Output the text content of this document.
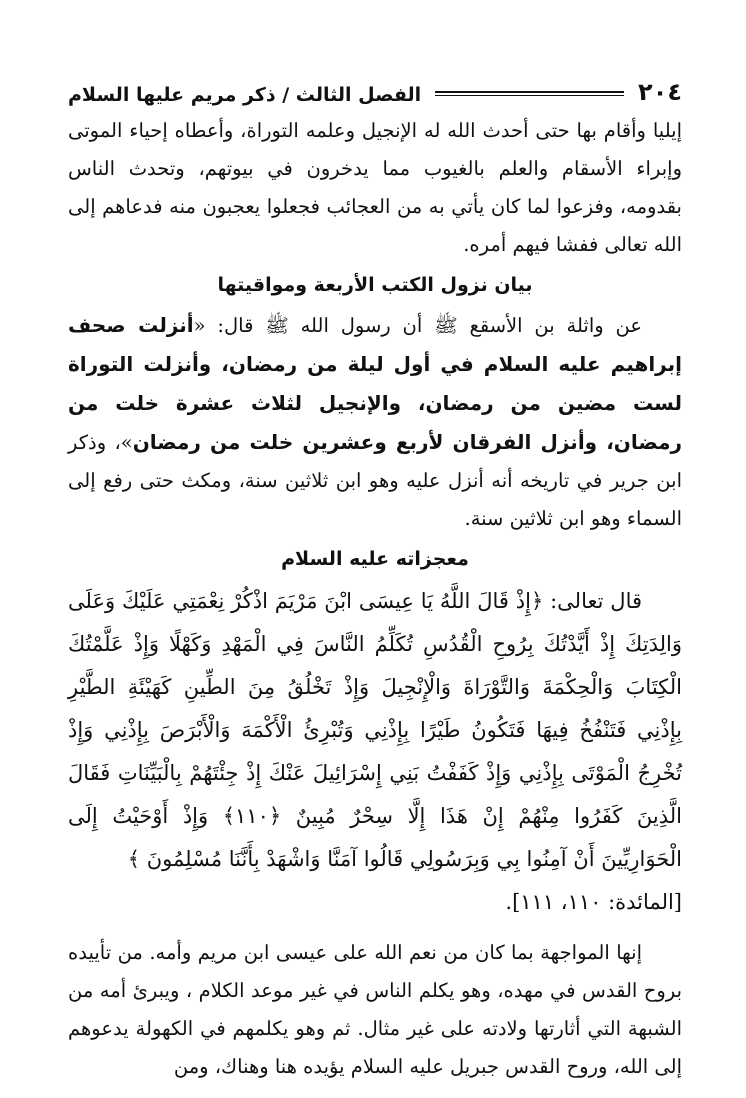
٢٠٤
الفصل الثالث / ذكر مريم عليها السلام

إيليا وأقام بها حتى أحدث الله له الإنجيل وعلمه التوراة، وأعطاه إحياء الموتى وإبراء الأسقام والعلم بالغيوب مما يدخرون في بيوتهم، وتحدث الناس بقدومه، وفزعوا لما كان يأتي به من العجائب فجعلوا يعجبون منه فدعاهم إلى الله تعالى ففشا فيهم أمره.

بيان نزول الكتب الأربعة ومواقيتها

عن واثلة بن الأسقع ﷺ أن رسول الله ﷺ قال: «أنزلت صحف إبراهيم عليه السلام في أول ليلة من رمضان، وأنزلت التوراة لست مضين من رمضان، والإنجيل لثلاث عشرة خلت من رمضان، وأنزل الفرقان لأربع وعشرين خلت من رمضان»، وذكر ابن جرير في تاريخه أنه أنزل عليه وهو ابن ثلاثين سنة، ومكث حتى رفع إلى السماء وهو ابن ثلاثين سنة.

معجزاته عليه السلام

قال تعالى: ﴿إِذْ قَالَ اللَّهُ يَا عِيسَى ابْنَ مَرْيَمَ اذْكُرْ نِعْمَتِي عَلَيْكَ وَعَلَى وَالِدَتِكَ إِذْ أَيَّدْتُكَ بِرُوحِ الْقُدُسِ تُكَلِّمُ النَّاسَ فِي الْمَهْدِ وَكَهْلًا وَإِذْ عَلَّمْتُكَ الْكِتَابَ وَالْحِكْمَةَ وَالتَّوْرَاةَ وَالْإِنْجِيلَ وَإِذْ تَخْلُقُ مِنَ الطِّينِ كَهَيْئَةِ الطَّيْرِ بِإِذْنِي فَتَنْفُخُ فِيهَا فَتَكُونُ طَيْرًا بِإِذْنِي وَتُبْرِئُ الْأَكْمَهَ وَالْأَبْرَصَ بِإِذْنِي وَإِذْ تُخْرِجُ الْمَوْتَى بِإِذْنِي وَإِذْ كَفَفْتُ بَنِي إِسْرَائِيلَ عَنْكَ إِذْ جِئْتَهُمْ بِالْبَيِّنَاتِ فَقَالَ الَّذِينَ كَفَرُوا مِنْهُمْ إِنْ هَذَا إِلَّا سِحْرٌ مُبِينٌ ﴿١١٠﴾ وَإِذْ أَوْحَيْتُ إِلَى الْحَوَارِيِّينَ أَنْ آمِنُوا بِي وَبِرَسُولِي قَالُوا آمَنَّا وَاشْهَدْ بِأَنَّنَا مُسْلِمُونَ ﴾
[المائدة: ١١٠، ١١١].

إنها المواجهة بما كان من نعم الله على عيسى ابن مريم وأمه. من تأييده بروح القدس في مهده، وهو يكلم الناس في غير موعد الكلام ، ويبرئ أمه من الشبهة التي أثارتها ولادته على غير مثال. ثم وهو يكلمهم في الكهولة يدعوهم إلى الله، وروح القدس جبريل عليه السلام يؤيده هنا وهناك، ومن
